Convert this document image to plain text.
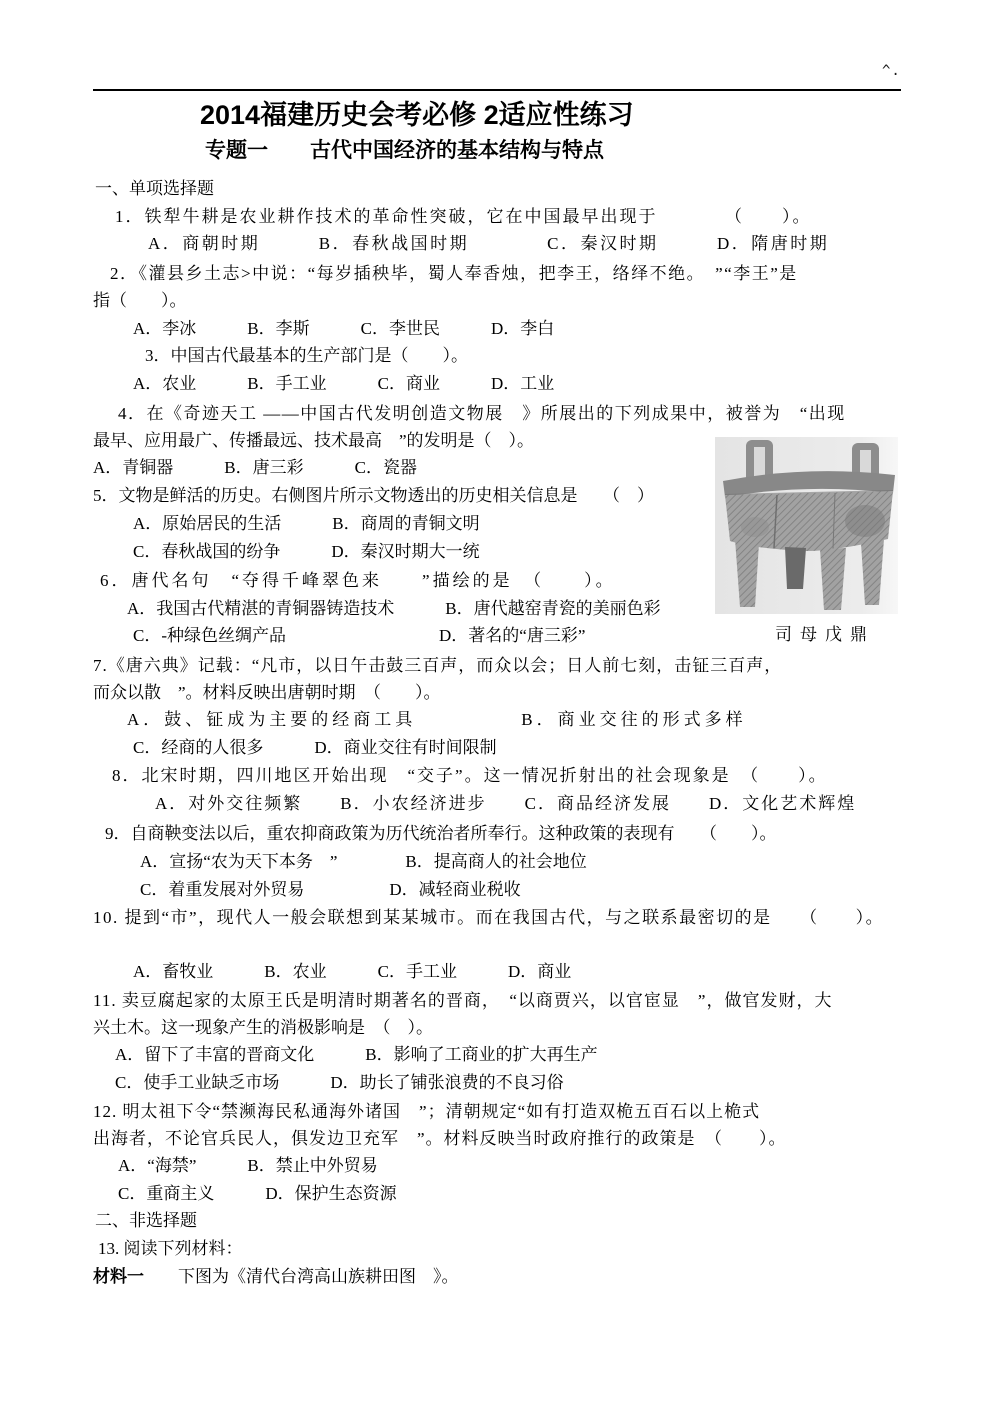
^.
2014福建历史会考必修 2适应性练习
专题一　　古代中国经济的基本结构与特点
一、单项选择题
1．铁犁牛耕是农业耕作技术的革命性突破，它在中国最早出现于　　　　（　　）。
A．商朝时期　　　B．春秋战国时期　　　　C．秦汉时期　　　D．隋唐时期
2．《灌县乡土志>中说：“每岁插秧毕，蜀人奉香烛，把李王，络绎不绝。　”“李王”是
指（　　）。
A．李冰　　　B．李斯　　　C．李世民　　　D．李白
3．中国古代最基本的生产部门是（　　）。
A．农业　　　B．手工业　　　C．商业　　　D．工业
4．在《奇迹天工 ——中国古代发明创造文物展　》所展出的下列成果中，被誉为　“出现
最早、应用最广、传播最远、技术最高　”的发明是（　）。
A．青铜器　　　B．唐三彩　　　C．瓷器
5．文物是鲜活的历史。右侧图片所示文物透出的历史相关信息是　　（　）
A．原始居民的生活　　　B．商周的青铜文明
C．春秋战国的纷争　　　D．秦汉时期大一统
6．唐代名句　“夺得千峰翠色来　　”描绘的是　（　　）。
A．我国古代精湛的青铜器铸造技术　　　B．唐代越窑青瓷的美丽色彩
C．-种绿色丝绸产品　　　　　　　　　D．著名的“唐三彩”
7.《唐六典》记载：“凡市，以日午击鼓三百声，而众以会；日人前七刻，击钲三百声，
而众以散　”。材料反映出唐朝时期　（　　）。
A．鼓、钲成为主要的经商工具　　　　　B．商业交往的形式多样
C．经商的人很多　　　D．商业交往有时间限制
8．北宋时期，四川地区开始出现　“交子”。这一情况折射出的社会现象是　（　　）。
A．对外交往频繁　　B．小农经济进步　　C．商品经济发展　　D．文化艺术辉煌
9．自商鞅变法以后，重农抑商政策为历代统治者所奉行。这种政策的表现有　　（　　）。
A．宣扬“农为天下本务　”　　　　B．提高商人的社会地位
C．着重发展对外贸易　　　　　D．减轻商业税收
10. 提到“市”，现代人一般会联想到某某城市。而在我国古代，与之联系最密切的是　　（　　）。
A．畜牧业　　　B．农业　　　C．手工业　　　D．商业
11. 卖豆腐起家的太原王氏是明清时期著名的晋商，　“以商贾兴，以官宦显　”，做官发财，大
兴土木。这一现象产生的消极影响是　（　）。
A．留下了丰富的晋商文化　　　B．影响了工商业的扩大再生产
C．使手工业缺乏市场　　　D．助长了铺张浪费的不良习俗
12. 明太祖下令“禁濒海民私通海外诸国　”；清朝规定“如有打造双桅五百石以上桅式
出海者，不论官兵民人，俱发边卫充军　”。材料反映当时政府推行的政策是　（　　）。
A．“海禁”　　　B．禁止中外贸易
C．重商主义　　　D．保护生态资源
二、非选择题
13. 阅读下列材料：
材料一 下图为《清代台湾高山族耕田图　》。
司母戊鼎
